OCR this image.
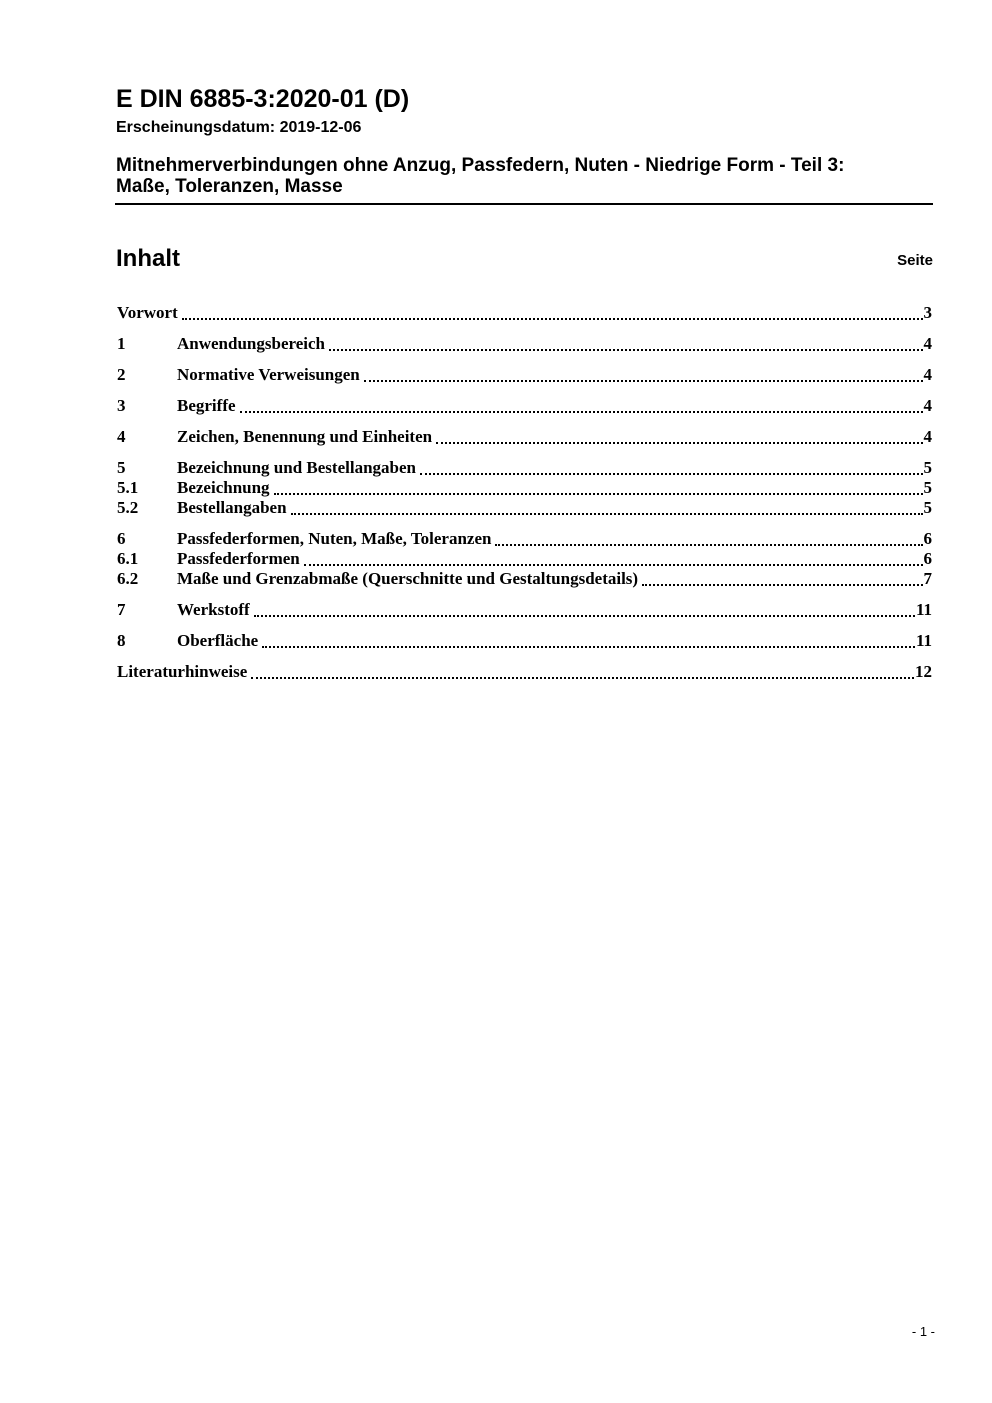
E DIN 6885-3:2020-01 (D)
Erscheinungsdatum: 2019-12-06
Mitnehmerverbindungen ohne Anzug, Passfedern, Nuten - Niedrige Form - Teil 3:
Maße, Toleranzen, Masse
Inhalt	Seite
Vorwort	3
1	Anwendungsbereich	4
2	Normative Verweisungen	4
3	Begriffe	4
4	Zeichen, Benennung und Einheiten	4
5	Bezeichnung und Bestellangaben	5
5.1	Bezeichnung	5
5.2	Bestellangaben	5
6	Passfederformen, Nuten, Maße, Toleranzen	6
6.1	Passfederformen	6
6.2	Maße und Grenzabmaße (Querschnitte und Gestaltungsdetails)	7
7	Werkstoff	11
8	Oberfläche	11
Literaturhinweise	12
- 1 -
